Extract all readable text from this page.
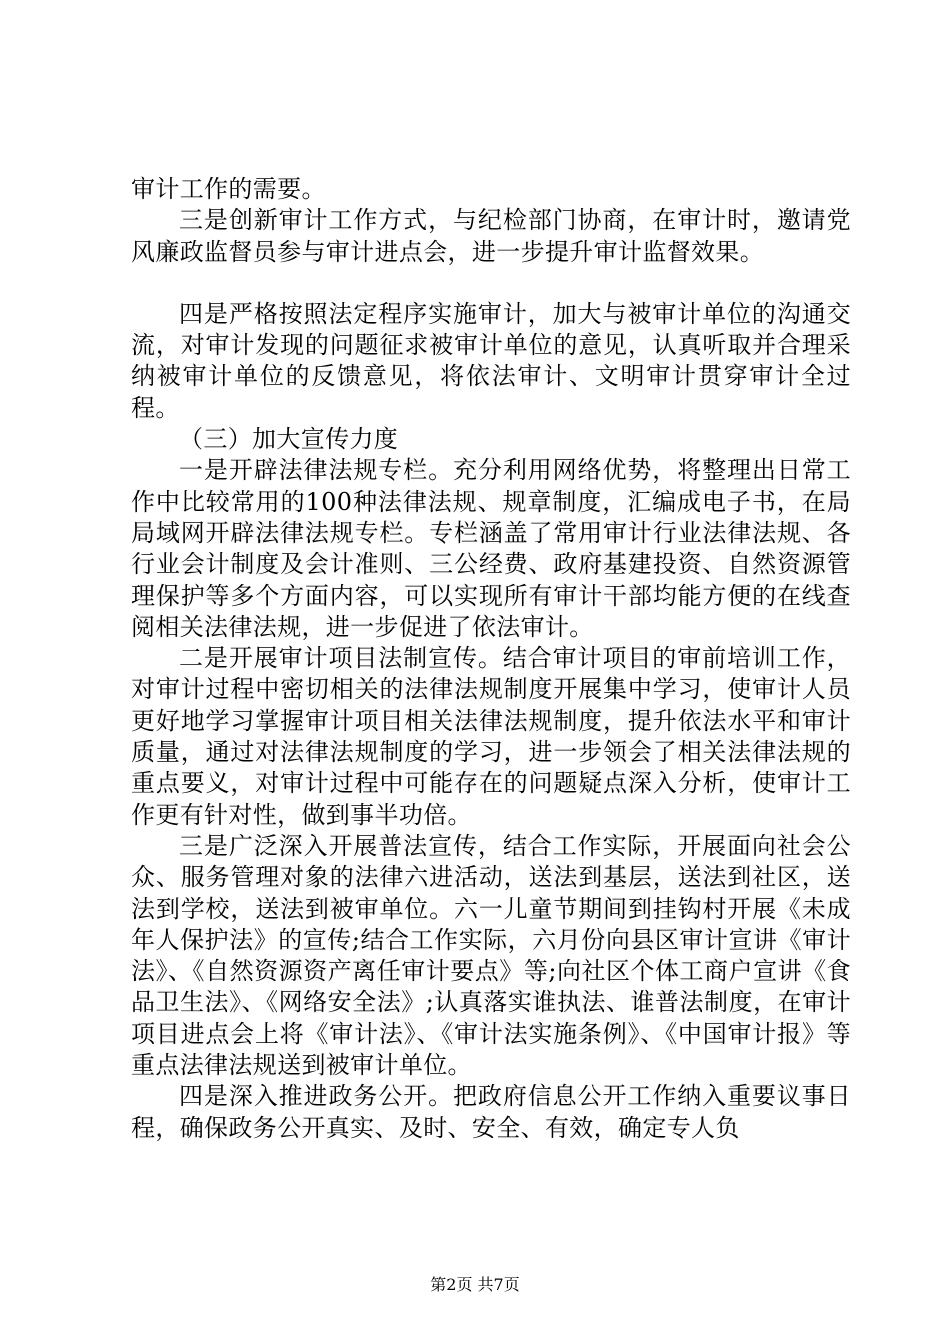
审计工作的需要。

三是创新审计工作方式，与纪检部门协商，在审计时，邀请党风廉政监督员参与审计进点会，进一步提升审计监督效果。

四是严格按照法定程序实施审计，加大与被审计单位的沟通交流，对审计发现的问题征求被审计单位的意见，认真听取并合理采纳被审计单位的反馈意见，将依法审计、文明审计贯穿审计全过程。

（三）加大宣传力度

一是开辟法律法规专栏。充分利用网络优势，将整理出日常工作中比较常用的100种法律法规、规章制度，汇编成电子书，在局局域网开辟法律法规专栏。专栏涵盖了常用审计行业法律法规、各行业会计制度及会计准则、三公经费、政府基建投资、自然资源管理保护等多个方面内容，可以实现所有审计干部均能方便的在线查阅相关法律法规，进一步促进了依法审计。

二是开展审计项目法制宣传。结合审计项目的审前培训工作，对审计过程中密切相关的法律法规制度开展集中学习，使审计人员更好地学习掌握审计项目相关法律法规制度，提升依法水平和审计质量，通过对法律法规制度的学习，进一步领会了相关法律法规的重点要义，对审计过程中可能存在的问题疑点深入分析，使审计工作更有针对性，做到事半功倍。

三是广泛深入开展普法宣传，结合工作实际，开展面向社会公众、服务管理对象的法律六进活动，送法到基层，送法到社区，送法到学校，送法到被审单位。六一儿童节期间到挂钩村开展《未成年人保护法》的宣传;结合工作实际，六月份向县区审计宣讲《审计法》、《自然资源资产离任审计要点》等;向社区个体工商户宣讲《食品卫生法》、《网络安全法》;认真落实谁执法、谁普法制度，在审计项目进点会上将《审计法》、《审计法实施条例》、《中国审计报》等重点法律法规送到被审计单位。

四是深入推进政务公开。把政府信息公开工作纳入重要议事日程，确保政务公开真实、及时、安全、有效，确定专人负

第2页 共7页
